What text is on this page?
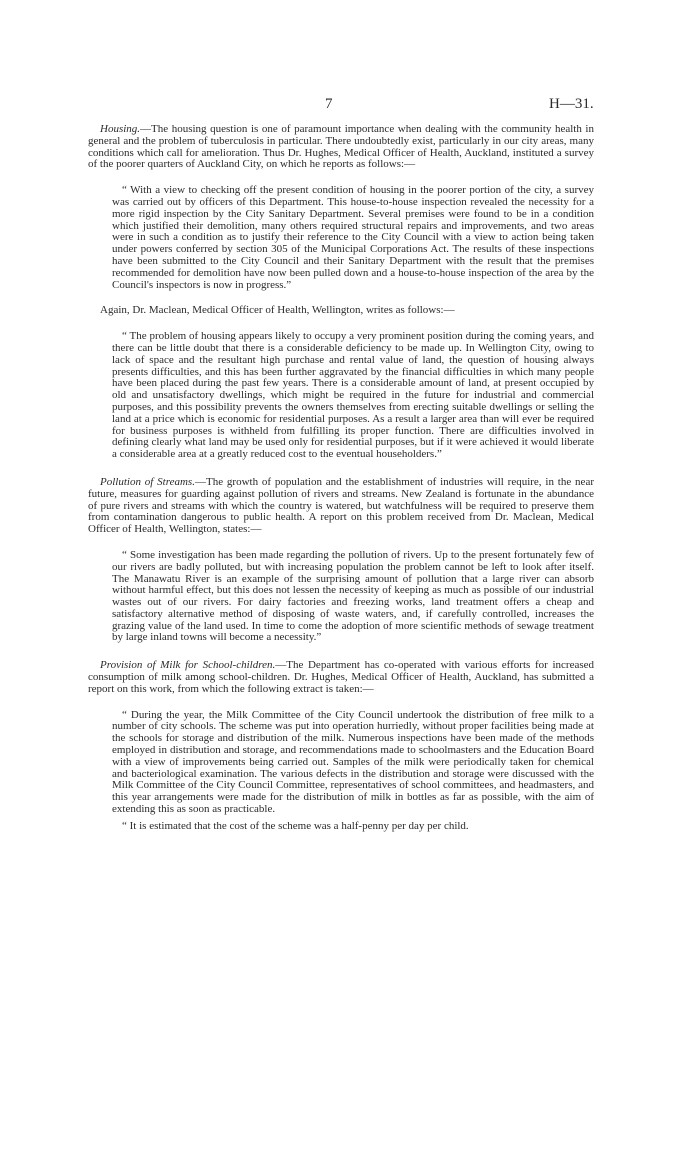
7	H—31.

Housing.—The housing question is one of paramount importance when dealing with the community health in general and the problem of tuberculosis in particular. There undoubtedly exist, particularly in our city areas, many conditions which call for amelioration. Thus Dr. Hughes, Medical Officer of Health, Auckland, instituted a survey of the poorer quarters of Auckland City, on which he reports as follows:—

“ With a view to checking off the present condition of housing in the poorer portion of the city, a survey was carried out by officers of this Department. This house-to-house inspection revealed the necessity for a more rigid inspection by the City Sanitary Department. Several premises were found to be in a condition which justified their demolition, many others required structural repairs and improvements, and two areas were in such a condition as to justify their reference to the City Council with a view to action being taken under powers conferred by section 305 of the Municipal Corporations Act. The results of these inspections have been submitted to the City Council and their Sanitary Department with the result that the premises recommended for demolition have now been pulled down and a house-to-house inspection of the area by the Council's inspectors is now in progress.”

Again, Dr. Maclean, Medical Officer of Health, Wellington, writes as follows:—

“ The problem of housing appears likely to occupy a very prominent position during the coming years, and there can be little doubt that there is a considerable deficiency to be made up. In Wellington City, owing to lack of space and the resultant high purchase and rental value of land, the question of housing always presents difficulties, and this has been further aggravated by the financial difficulties in which many people have been placed during the past few years. There is a considerable amount of land, at present occupied by old and unsatisfactory dwellings, which might be required in the future for industrial and commercial purposes, and this possibility prevents the owners themselves from erecting suitable dwellings or selling the land at a price which is economic for residential purposes. As a result a larger area than will ever be required for business purposes is withheld from fulfilling its proper function. There are difficulties involved in defining clearly what land may be used only for residential purposes, but if it were achieved it would liberate a considerable area at a greatly reduced cost to the eventual householders.”

Pollution of Streams.—The growth of population and the establishment of industries will require, in the near future, measures for guarding against pollution of rivers and streams. New Zealand is fortunate in the abundance of pure rivers and streams with which the country is watered, but watchfulness will be required to preserve them from contamination dangerous to public health. A report on this problem received from Dr. Maclean, Medical Officer of Health, Wellington, states:—

“ Some investigation has been made regarding the pollution of rivers. Up to the present fortunately few of our rivers are badly polluted, but with increasing population the problem cannot be left to look after itself. The Manawatu River is an example of the surprising amount of pollution that a large river can absorb without harmful effect, but this does not lessen the necessity of keeping as much as possible of our industrial wastes out of our rivers. For dairy factories and freezing works, land treatment offers a cheap and satisfactory alternative method of disposing of waste waters, and, if carefully controlled, increases the grazing value of the land used. In time to come the adoption of more scientific methods of sewage treatment by large inland towns will become a necessity.”

Provision of Milk for School-children.—The Department has co-operated with various efforts for increased consumption of milk among school-children. Dr. Hughes, Medical Officer of Health, Auckland, has submitted a report on this work, from which the following extract is taken:—

“ During the year, the Milk Committee of the City Council undertook the distribution of free milk to a number of city schools. The scheme was put into operation hurriedly, without proper facilities being made at the schools for storage and distribution of the milk. Numerous inspections have been made of the methods employed in distribution and storage, and recommendations made to schoolmasters and the Education Board with a view of improvements being carried out. Samples of the milk were periodically taken for chemical and bacteriological examination. The various defects in the distribution and storage were discussed with the Milk Committee of the City Council Committee, representatives of school committees, and headmasters, and this year arrangements were made for the distribution of milk in bottles as far as possible, with the aim of extending this as soon as practicable.

“ It is estimated that the cost of the scheme was a half-penny per day per child.
